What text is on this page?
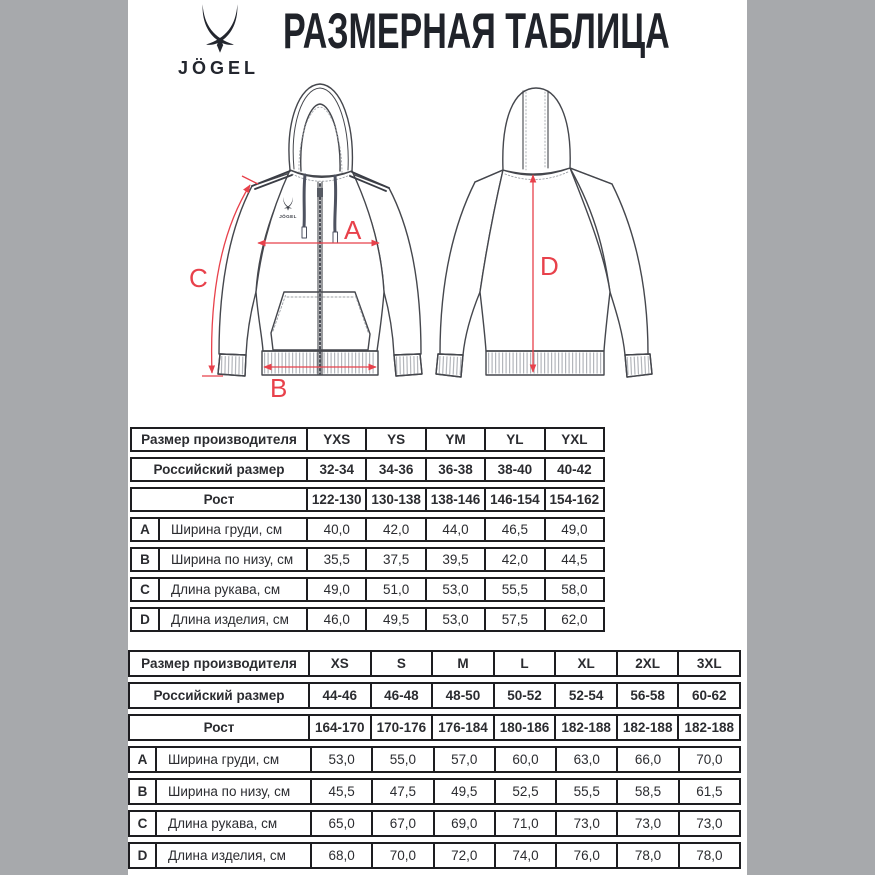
JÖGEL
РАЗМЕРНАЯ ТАБЛИЦА
JÖGEL A
B
C	D
Размер производителя	YXS	YS	YM	YL	YXL
Российский размер	32-34	34-36	36-38	38-40	40-42
Рост	122-130 130-138 138-146 146-154 154-162
A	Ширина груди, см	40,0	42,0	44,0	46,5	49,0
B	Ширина по низу, см	35,5	37,5	39,5	42,0	44,5
C	Длина рукава, см	49,0	51,0	53,0	55,5	58,0
D	Длина изделия, см	46,0	49,5	53,0	57,5	62,0
Размер производителя	XS	S	M	L	XL	2XL	3XL
Российский размер	44-46	46-48	48-50	50-52	52-54	56-58	60-62
Рост	164-170 170-176 176-184 180-186 182-188 182-188 182-188
A	Ширина груди, см	53,0	55,0	57,0	60,0	63,0	66,0	70,0
B	Ширина по низу, см	45,5	47,5	49,5	52,5	55,5	58,5	61,5
C	Длина рукава, см	65,0	67,0	69,0	71,0	73,0	73,0	73,0
D	Длина изделия, см	68,0	70,0	72,0	74,0	76,0	78,0	78,0
